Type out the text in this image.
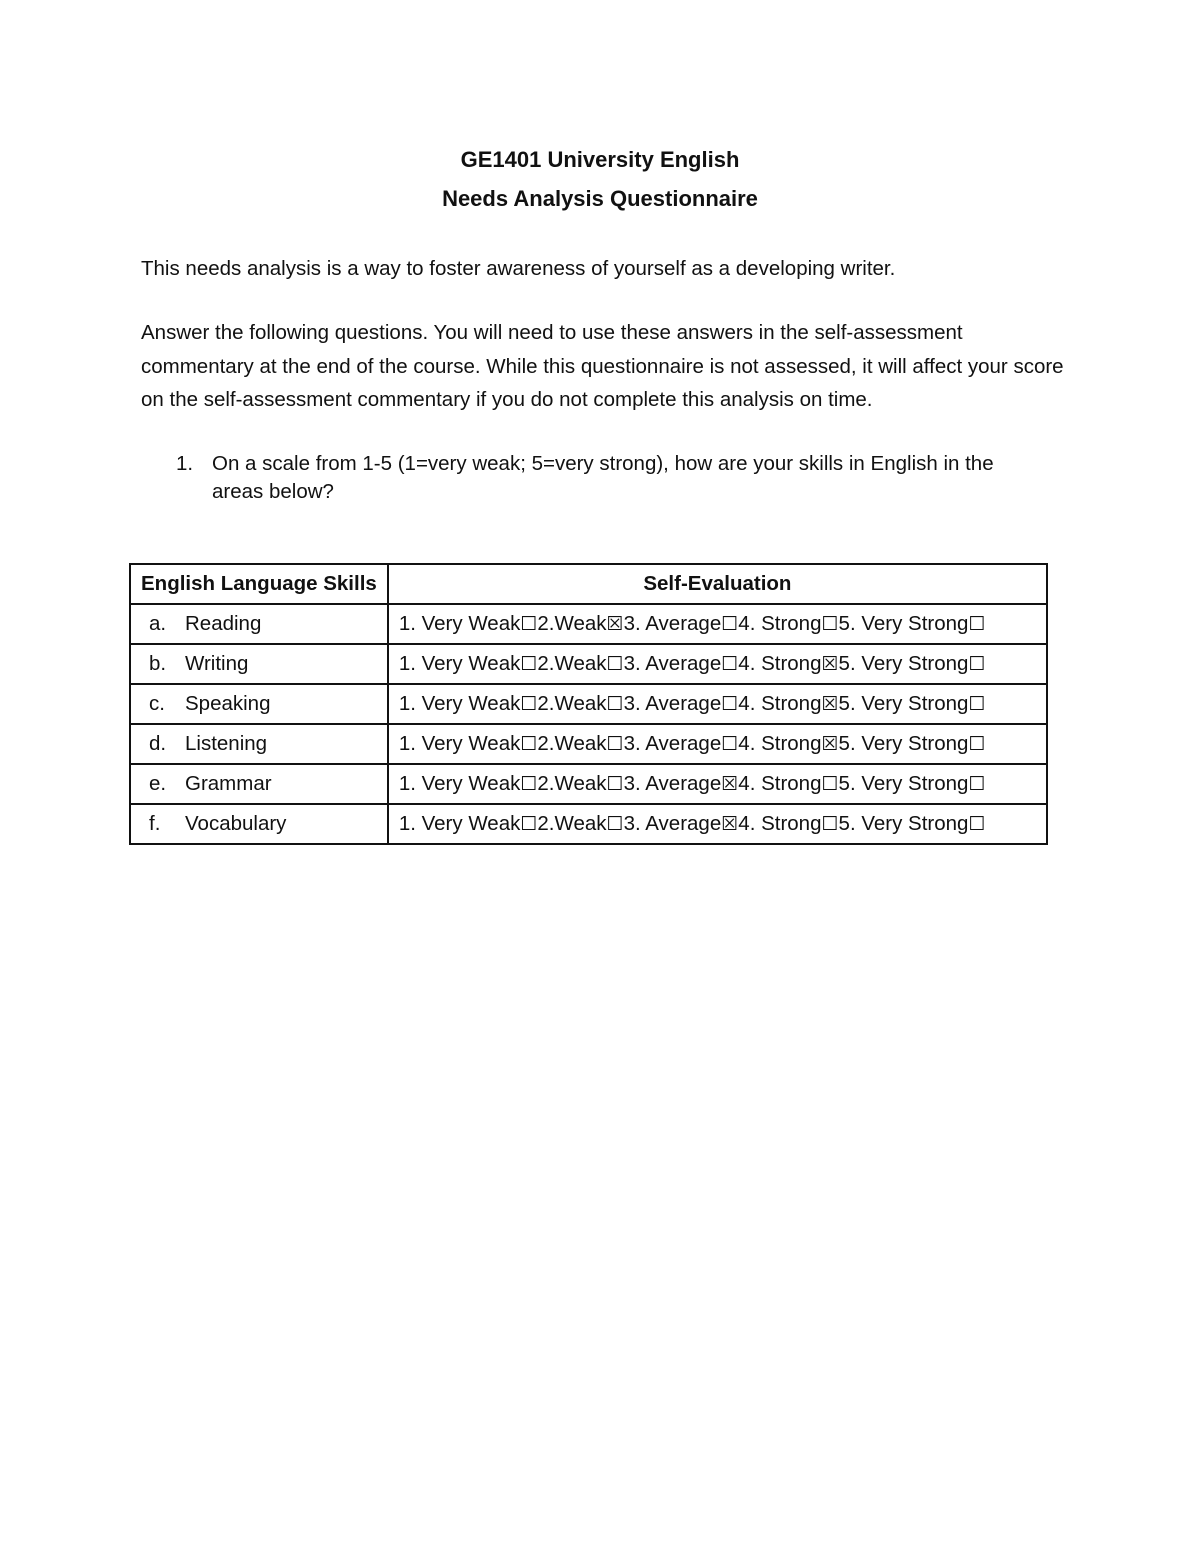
GE1401 University English
Needs Analysis Questionnaire
This needs analysis is a way to foster awareness of yourself as a developing writer.
Answer the following questions. You will need to use these answers in the self-assessment commentary at the end of the course. While this questionnaire is not assessed, it will affect your score on the self-assessment commentary if you do not complete this analysis on time.
1. On a scale from 1-5 (1=very weak; 5=very strong), how are your skills in English in the areas below?
English Language Skills	Self-Evaluation
a. Reading	1. Very Weak☐2.Weak☒3. Average☐4. Strong☐5. Very Strong☐
b. Writing	1. Very Weak☐2.Weak☐3. Average☐4. Strong☒5. Very Strong☐
c. Speaking	1. Very Weak☐2.Weak☐3. Average☐4. Strong☒5. Very Strong☐
d. Listening	1. Very Weak☐2.Weak☐3. Average☐4. Strong☒5. Very Strong☐
e. Grammar	1. Very Weak☐2.Weak☐3. Average☒4. Strong☐5. Very Strong☐
f. Vocabulary	1. Very Weak☐2.Weak☐3. Average☒4. Strong☐5. Very Strong☐
